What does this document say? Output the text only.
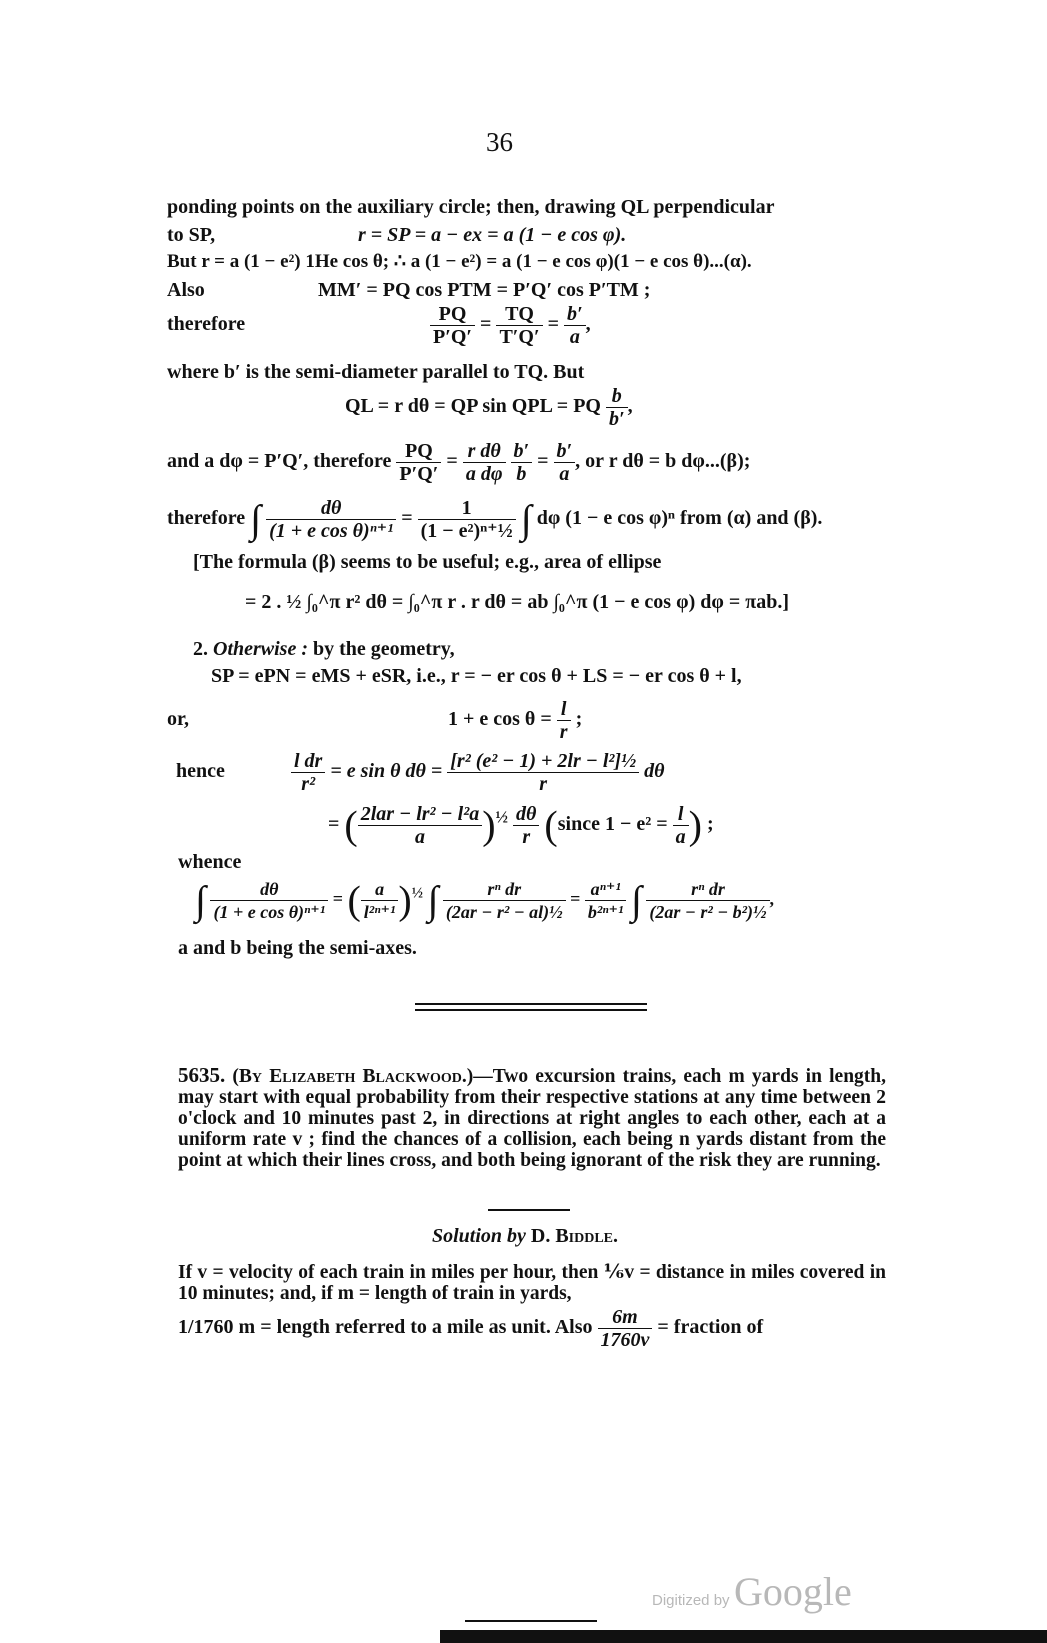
36
ponding points on the auxiliary circle; then, drawing QL perpendicular
to SP,	r = SP = a − ex = a (1 − e cos φ).
But r = a (1 − e²) 1He cos θ; ∴ a (1 − e²) = a (1 − e cos φ)(1 − e cos θ)...(α).
Also	MM′ = PQ cos PTM = P′Q′ cos P′TM ;
therefore	$\frac{PQ}{P'Q'} = \frac{TQ}{T'Q'} = \frac{b'}{a}$ ,
where b′ is the semi-diameter parallel to TQ. But
QL = r dθ = QP sin QPL = PQ $\frac{b}{b'}$ ,
and a dφ = P′Q′, therefore $\frac{PQ}{P'Q'} = \frac{\text{r dθ}}{\text{a dφ}}$
$\frac{b'}{b} = \frac{b'}{a}$ , or r dθ = b dφ...(β);
therefore ∫ $\frac{d\theta}{\text{(1 + e cos θ)ⁿ⁺¹}} = \frac{1}{\text{(1 − e²)ⁿ⁺½}}$ ∫ dφ (1 − e cos φ)ⁿ from (α) and (β).
[The formula (β) seems to be useful; e.g., area of ellipse
= 2 . ½ ∫₀^π r² dθ = ∫₀^π r . r dθ = ab ∫₀^π (1 − e cos φ) dφ = πab.]
2. Otherwise : by the geometry,
SP = ePN = eMS + eSR, i.e., r = − er cos θ + LS = − er cos θ + l,
or,	1 + e $\cos \theta = \frac{l}{r}$ ;
hence	$\frac{\text{l dr}}{\text{r²}} = e$ sin θ $d\theta = \frac{\text{[r² (e² − 1) + 2lr − l²]½}}{r}$ dθ
= ( $\frac{\text{2lar − lr² − l²a}}{a} )^{\frac{1}{2}} \frac{d\theta}{r}$ (since $1 - e^2 = \frac{l}{a}$ ) ;
whence
∫ $\frac{d\theta}{\text{(1 + e cos θ)ⁿ⁺¹}}$ = ( $\frac{a}{\text{l²ⁿ⁺¹}} )^{\frac{1}{2}}$ ∫ $\frac{\text{rⁿ dr}}{\text{(2ar − r² − al)½}} = \frac{\text{aⁿ⁺¹}}{\text{b²ⁿ⁺¹}}$ ∫ $\frac{\text{rⁿ dr}}{\text{(2ar − r² − b²)½}}$ ,
a and b being the semi-axes.
5635. (By Elizabeth Blackwood.)—Two excursion trains, each m yards in length, may start with equal probability from their respective stations at any time between 2 o'clock and 10 minutes past 2, in directions at right angles to each other, each at a uniform rate v ; find the chances of a collision, each being n yards distant from the point at which their lines cross, and both being ignorant of the risk they are running.
Solution by D. Biddle.
If v = velocity of each train in miles per hour, then ⅙v = distance in miles covered in 10 minutes; and, if m = length of train in yards,
1/1760 m = length referred to a mile as unit. Also $\frac{6m}{1760v}$ = fraction of
Digitized by Google
